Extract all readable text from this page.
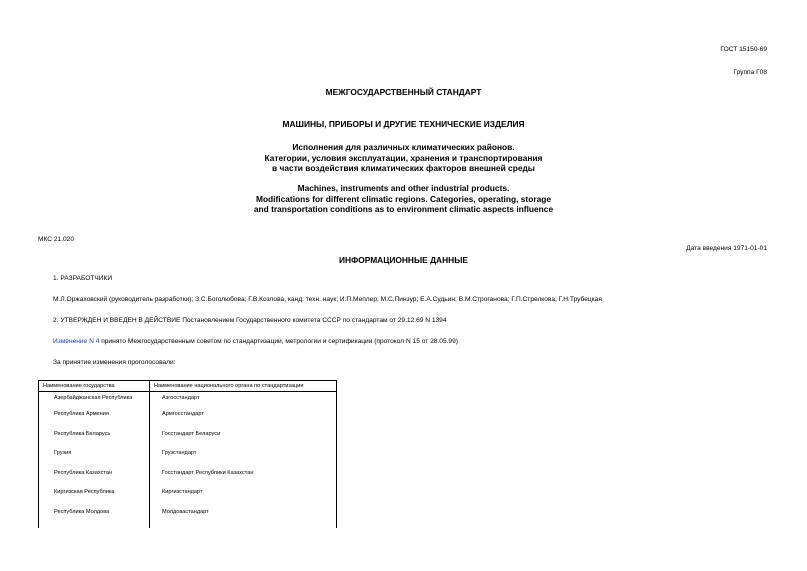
ГОСТ 15150-69
Группа Г08
МЕЖГОСУДАРСТВЕННЫЙ СТАНДАРТ
МАШИНЫ, ПРИБОРЫ И ДРУГИЕ ТЕХНИЧЕСКИЕ ИЗДЕЛИЯ
Исполнения для различных климатических районов.
Категории, условия эксплуатации, хранения и транспортирования
в части воздействия климатических факторов внешней среды
Machines, instruments and other industrial products.
Modifications for different climatic regions. Categories, operating, storage
and transportation conditions as to environment climatic aspects influence
МКС 21.020
Дата введения 1971-01-01
ИНФОРМАЦИОННЫЕ ДАННЫЕ
1. РАЗРАБОТЧИКИ
М.Л.Оржаховский (руководитель разработки); З.С.Боголюбова; Г.В.Козлова, канд. техн. наук; И.П.Меплер; М.С.Пинзур; Е.А.Судьин; В.М.Строганова; Г.П.Стрелкова; Г.Н.Трубецкая
2. УТВЕРЖДЕН И ВВЕДЕН В ДЕЙСТВИЕ Постановлением Государственного комитета СССР по стандартам от 29.12.69 N 1394
Изменение N 4 принято Межгосударственным советом по стандартизации, метрологии и сертификации (протокол N 15 от 28.05.99)
За принятие изменения проголосовали:
Наименование государства	Наименование национального органа по стандартизации
Азербайджанская Республика	Азгосстандарт
Республика Армения	Армгосстандарт
Республика Беларусь	Госстандарт Беларуси
Грузия	Грузстандарт
Республика Казахстан	Госстандарт Республики Казахстан
Киргизская Республика	Киргизстандарт
Республика Молдова	Молдовастандарт
